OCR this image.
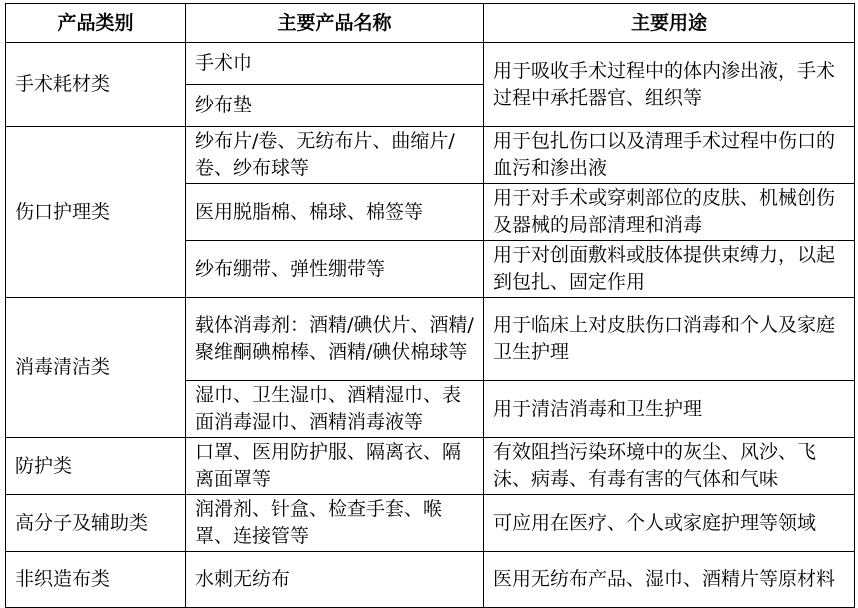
产品类别	主要产品名称	主要用途
手术耗材类	手术巾	用于吸收手术过程中的体内渗出液，手术过程中承托器官、组织等
	纱布垫	
伤口护理类	纱布片/卷、无纺布片、曲缩片/卷、纱布球等	用于包扎伤口以及清理手术过程中伤口的血污和渗出液
	医用脱脂棉、棉球、棉签等	用于对手术或穿刺部位的皮肤、机械创伤及器械的局部清理和消毒
	纱布绷带、弹性绷带等	用于对创面敷料或肢体提供束缚力，以起到包扎、固定作用
消毒清洁类	载体消毒剂：酒精/碘伏片、酒精/聚维酮碘棉棒、酒精/碘伏棉球等	用于临床上对皮肤伤口消毒和个人及家庭卫生护理
	湿巾、卫生湿巾、酒精湿巾、表面消毒湿巾、酒精消毒液等	用于清洁消毒和卫生护理
防护类	口罩、医用防护服、隔离衣、隔离面罩等	有效阻挡污染环境中的灰尘、风沙、飞沫、病毒、有毒有害的气体和气味
高分子及辅助类	润滑剂、针盒、检查手套、喉罩、连接管等	可应用在医疗、个人或家庭护理等领域
非织造布类	水刺无纺布	医用无纺布产品、湿巾、酒精片等原材料
